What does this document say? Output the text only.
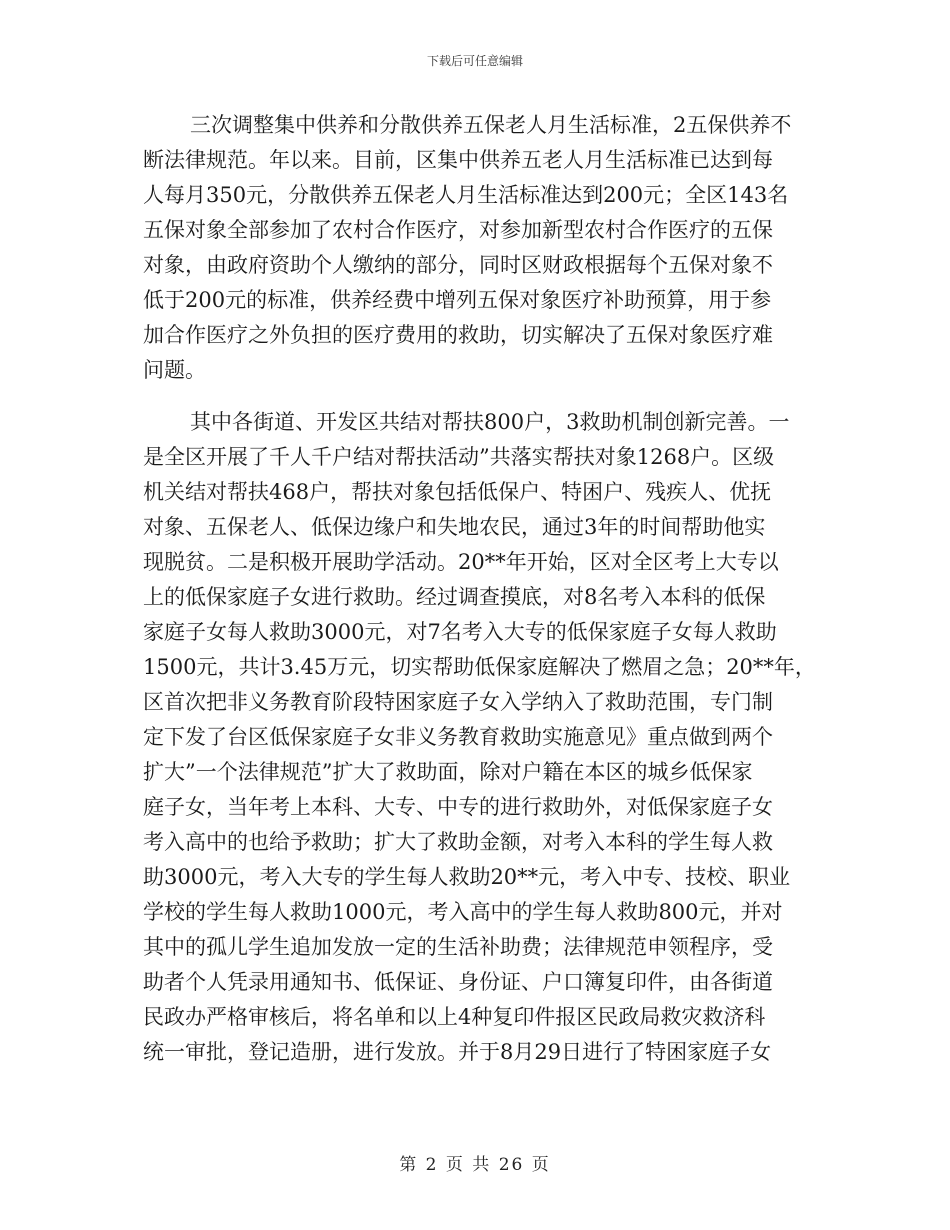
下载后可任意编辑
三次调整集中供养和分散供养五保老人月生活标准，2五保供养不
断法律规范。年以来。目前，区集中供养五老人月生活标准已达到每
人每月350元，分散供养五保老人月生活标准达到200元；全区143名
五保对象全部参加了农村合作医疗，对参加新型农村合作医疗的五保
对象，由政府资助个人缴纳的部分，同时区财政根据每个五保对象不
低于200元的标准，供养经费中增列五保对象医疗补助预算，用于参
加合作医疗之外负担的医疗费用的救助，切实解决了五保对象医疗难
问题。
其中各街道、开发区共结对帮扶800户，3救助机制创新完善。一
是全区开展了千人千户结对帮扶活动”共落实帮扶对象1268户。区级
机关结对帮扶468户，帮扶对象包括低保户、特困户、残疾人、优抚
对象、五保老人、低保边缘户和失地农民，通过3年的时间帮助他实
现脱贫。二是积极开展助学活动。20**年开始，区对全区考上大专以
上的低保家庭子女进行救助。经过调查摸底，对8名考入本科的低保
家庭子女每人救助3000元，对7名考入大专的低保家庭子女每人救助
1500元，共计3.45万元，切实帮助低保家庭解决了燃眉之急；20**年，
区首次把非义务教育阶段特困家庭子女入学纳入了救助范围，专门制
定下发了台区低保家庭子女非义务教育救助实施意见》重点做到两个
扩大”一个法律规范”扩大了救助面，除对户籍在本区的城乡低保家
庭子女，当年考上本科、大专、中专的进行救助外，对低保家庭子女
考入高中的也给予救助；扩大了救助金额，对考入本科的学生每人救
助3000元，考入大专的学生每人救助20**元，考入中专、技校、职业
学校的学生每人救助1000元，考入高中的学生每人救助800元，并对
其中的孤儿学生追加发放一定的生活补助费；法律规范申领程序，受
助者个人凭录用通知书、低保证、身份证、户口簿复印件，由各街道
民政办严格审核后，将名单和以上4种复印件报区民政局救灾救济科
统一审批，登记造册，进行发放。并于8月29日进行了特困家庭子女
第 2 页 共 26 页
